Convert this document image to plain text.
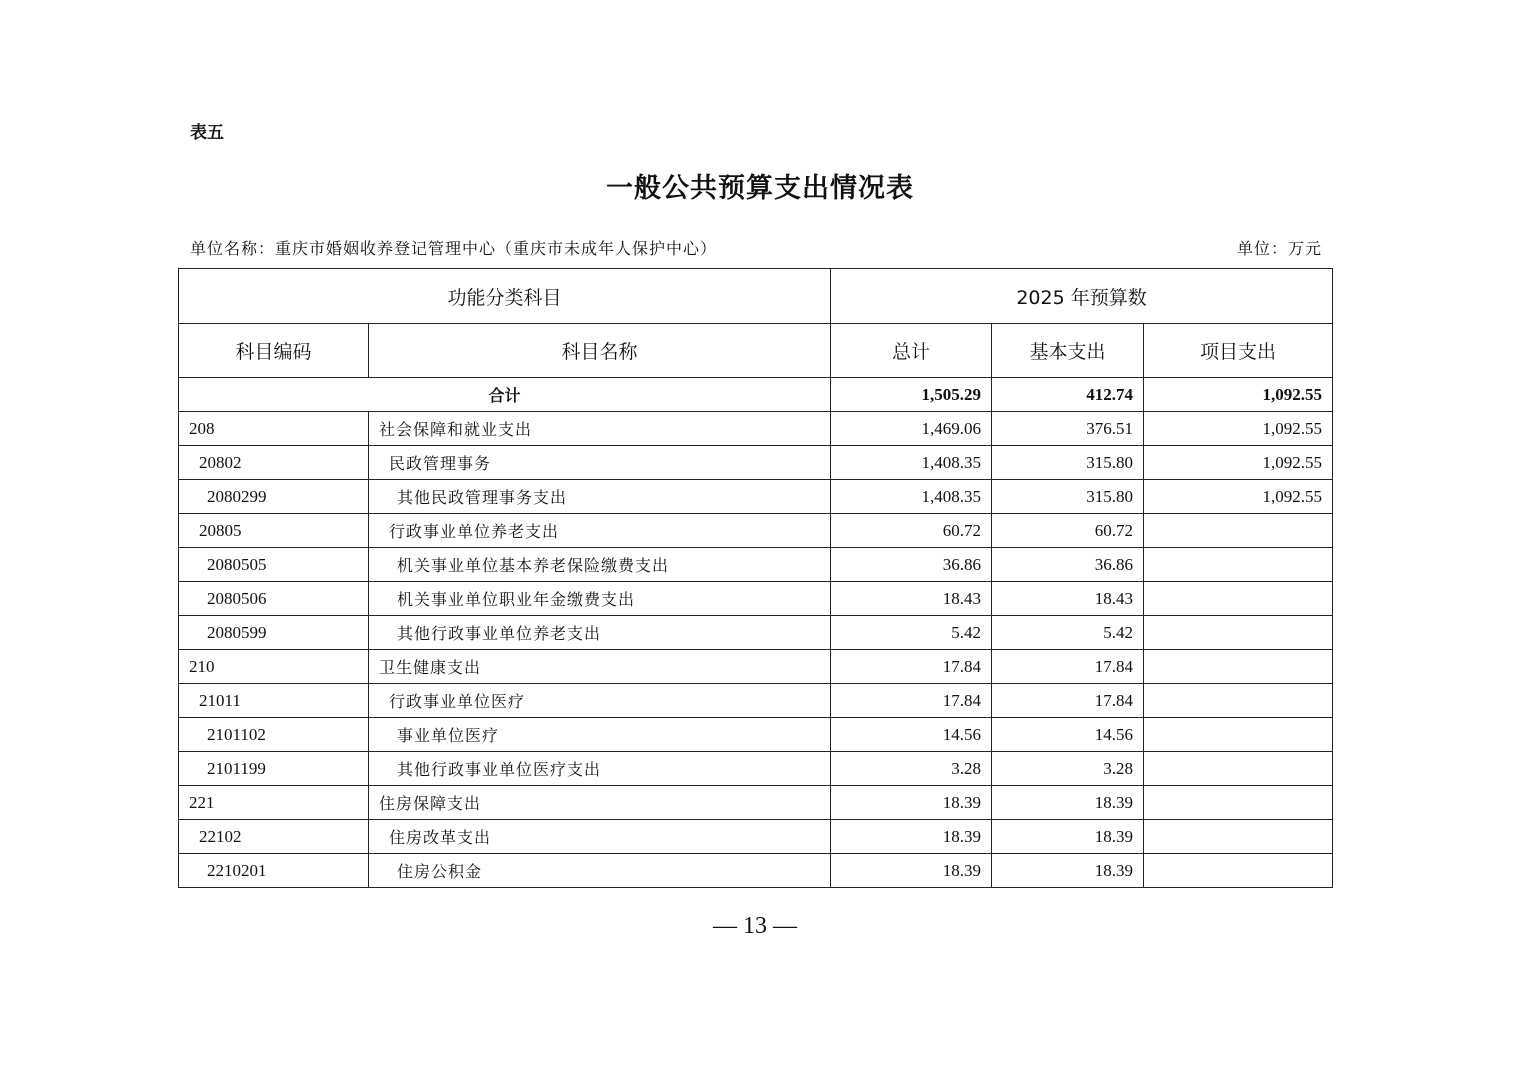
表五
一般公共预算支出情况表
单位名称：重庆市婚姻收养登记管理中心（重庆市未成年人保护中心）	单位：万元
功能分类科目		2025 年预算数		
科目编码	科目名称	总计	基本支出	项目支出
合计		1,505.29	412.74	1,092.55
208	社会保障和就业支出	1,469.06	376.51	1,092.55
20802	民政管理事务	1,408.35	315.80	1,092.55
2080299	其他民政管理事务支出	1,408.35	315.80	1,092.55
20805	行政事业单位养老支出	60.72	60.72	
2080505	机关事业单位基本养老保险缴费支出	36.86	36.86	
2080506	机关事业单位职业年金缴费支出	18.43	18.43	
2080599	其他行政事业单位养老支出	5.42	5.42	
210	卫生健康支出	17.84	17.84	
21011	行政事业单位医疗	17.84	17.84	
2101102	事业单位医疗	14.56	14.56	
2101199	其他行政事业单位医疗支出	3.28	3.28	
221	住房保障支出	18.39	18.39	
22102	住房改革支出	18.39	18.39	
2210201	住房公积金	18.39	18.39	
— 13 —
